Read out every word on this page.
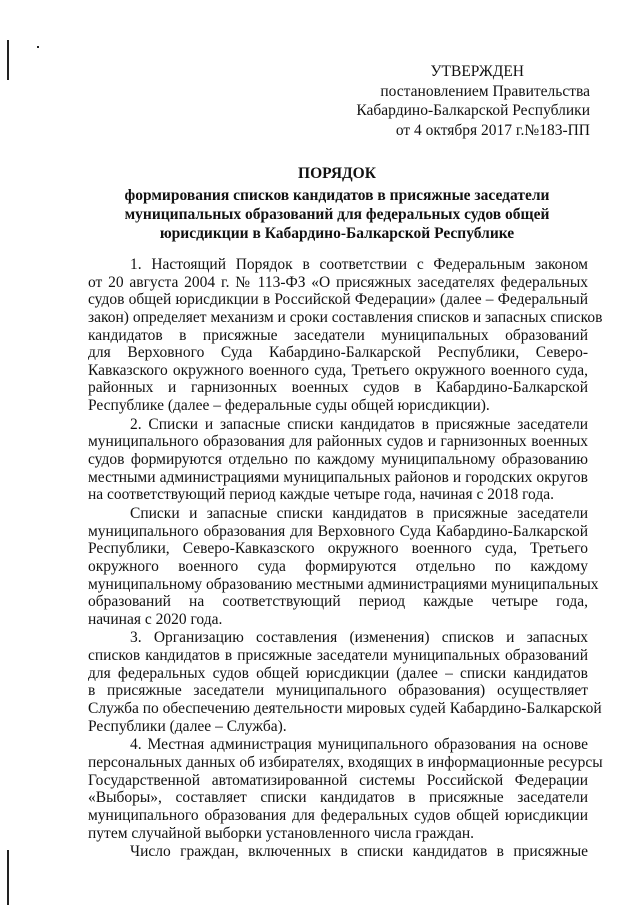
УТВЕРЖДЕН
постановлением Правительства
Кабардино-Балкарской Республики
от 4 октября 2017 г.№183-ПП
ПОРЯДОК
формирования списков кандидатов в присяжные заседатели
муниципальных образований для федеральных судов общей
юрисдикции в Кабардино-Балкарской Республике
1. Настоящий Порядок в соответствии с Федеральным законом
от 20 августа 2004 г. № 113-ФЗ «О присяжных заседателях федеральных
судов общей юрисдикции в Российской Федерации» (далее – Федеральный
закон) определяет механизм и сроки составления списков и запасных списков
кандидатов в присяжные заседатели муниципальных образований
для Верховного Суда Кабардино-Балкарской Республики, Северо-
Кавказского окружного военного суда, Третьего окружного военного суда,
районных и гарнизонных военных судов в Кабардино-Балкарской
Республике (далее – федеральные суды общей юрисдикции).
2. Списки и запасные списки кандидатов в присяжные заседатели
муниципального образования для районных судов и гарнизонных военных
судов формируются отдельно по каждому муниципальному образованию
местными администрациями муниципальных районов и городских округов
на соответствующий период каждые четыре года, начиная с 2018 года.
Списки и запасные списки кандидатов в присяжные заседатели
муниципального образования для Верховного Суда Кабардино-Балкарской
Республики, Северо-Кавказского окружного военного суда, Третьего
окружного военного суда формируются отдельно по каждому
муниципальному образованию местными администрациями муниципальных
образований на соответствующий период каждые четыре года,
начиная с 2020 года.
3. Организацию составления (изменения) списков и запасных
списков кандидатов в присяжные заседатели муниципальных образований
для федеральных судов общей юрисдикции (далее – списки кандидатов
в присяжные заседатели муниципального образования) осуществляет
Служба по обеспечению деятельности мировых судей Кабардино-Балкарской
Республики (далее – Служба).
4. Местная администрация муниципального образования на основе
персональных данных об избирателях, входящих в информационные ресурсы
Государственной автоматизированной системы Российской Федерации
«Выборы», составляет списки кандидатов в присяжные заседатели
муниципального образования для федеральных судов общей юрисдикции
путем случайной выборки установленного числа граждан.
Число граждан, включенных в списки кандидатов в присяжные
